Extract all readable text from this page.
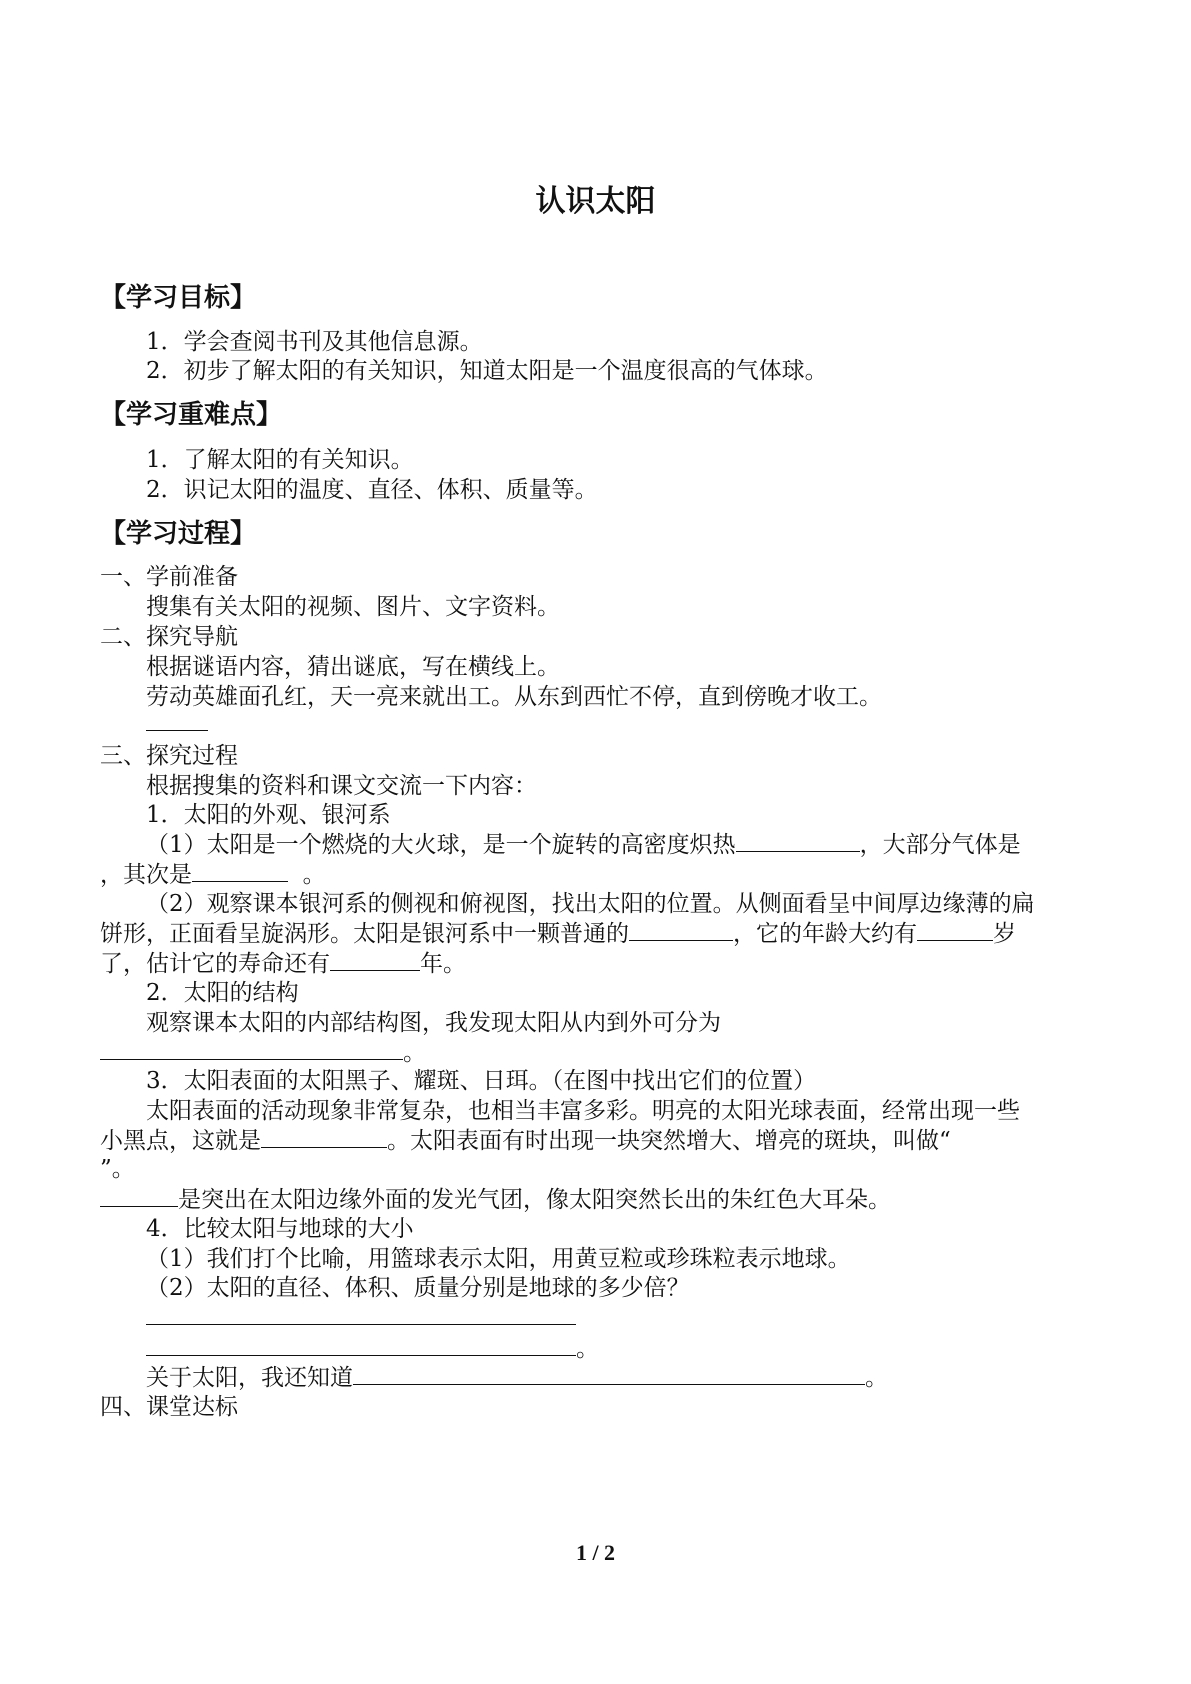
认识太阳
【学习目标】
1．学会查阅书刊及其他信息源。
2．初步了解太阳的有关知识，知道太阳是一个温度很高的气体球。
【学习重难点】
1．了解太阳的有关知识。
2．识记太阳的温度、直径、体积、质量等。
【学习过程】
一、学前准备
搜集有关太阳的视频、图片、文字资料。
二、探究导航
根据谜语内容，猜出谜底，写在横线上。
劳动英雄面孔红，天一亮来就出工。从东到西忙不停，直到傍晚才收工。
三、探究过程
根据搜集的资料和课文交流一下内容：
1．太阳的外观、银河系
（1）太阳是一个燃烧的大火球，是一个旋转的高密度炽热	，大部分气体是
，其次是	。
（2）观察课本银河系的侧视和俯视图，找出太阳的位置。从侧面看呈中间厚边缘薄的扁
饼形，正面看呈旋涡形。太阳是银河系中一颗普通的	，它的年龄大约有	岁
了，估计它的寿命还有	年。
2．太阳的结构
观察课本太阳的内部结构图，我发现太阳从内到外可分为
。
3．太阳表面的太阳黑子、耀斑、日珥。（在图中找出它们的位置）
太阳表面的活动现象非常复杂，也相当丰富多彩。明亮的太阳光球表面，经常出现一些
小黑点，这就是	。太阳表面有时出现一块突然增大、增亮的斑块，叫做“
”。
是突出在太阳边缘外面的发光气团，像太阳突然长出的朱红色大耳朵。
4．比较太阳与地球的大小
（1）我们打个比喻，用篮球表示太阳，用黄豆粒或珍珠粒表示地球。
（2）太阳的直径、体积、质量分别是地球的多少倍？
。
关于太阳，我还知道	。
四、课堂达标
1 / 2
